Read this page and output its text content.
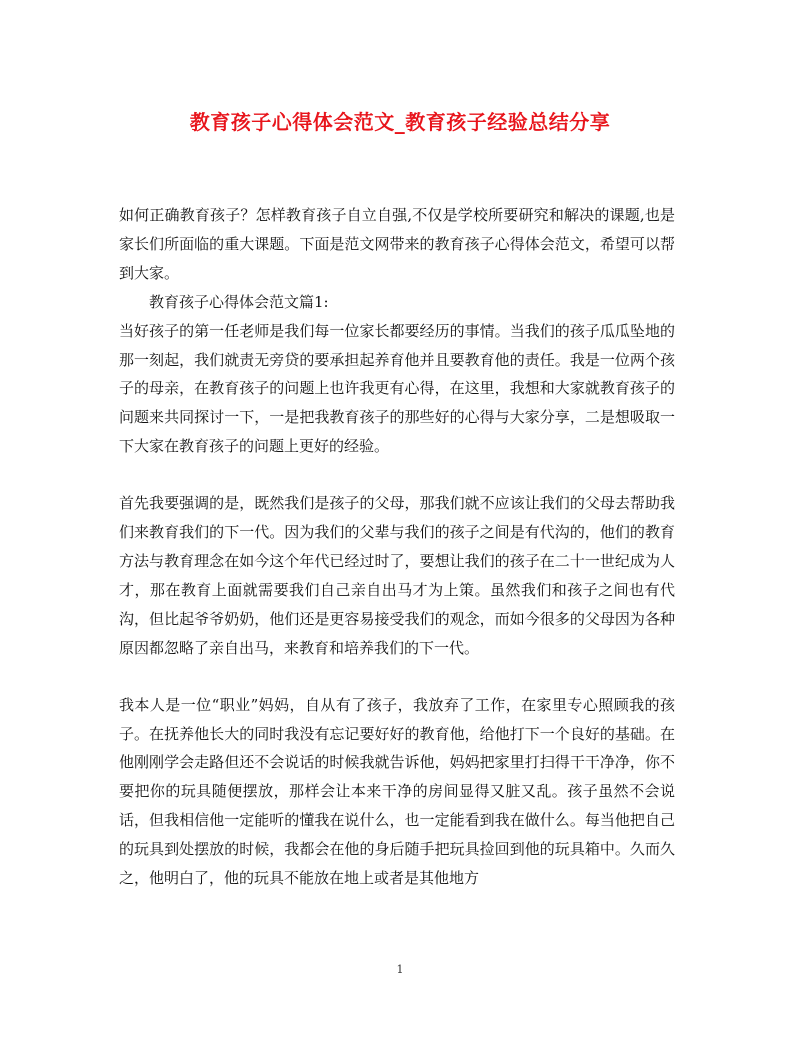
教育孩子心得体会范文_教育孩子经验总结分享

如何正确教育孩子？怎样教育孩子自立自强,不仅是学校所要研究和解决的课题,也是家长们所面临的重大课题。下面是范文网带来的教育孩子心得体会范文，希望可以帮到大家。

教育孩子心得体会范文篇1:

当好孩子的第一任老师是我们每一位家长都要经历的事情。当我们的孩子瓜瓜坠地的那一刻起，我们就责无旁贷的要承担起养育他并且要教育他的责任。我是一位两个孩子的母亲，在教育孩子的问题上也许我更有心得，在这里，我想和大家就教育孩子的问题来共同探讨一下，一是把我教育孩子的那些好的心得与大家分享，二是想吸取一下大家在教育孩子的问题上更好的经验。

首先我要强调的是，既然我们是孩子的父母，那我们就不应该让我们的父母去帮助我们来教育我们的下一代。因为我们的父辈与我们的孩子之间是有代沟的，他们的教育方法与教育理念在如今这个年代已经过时了，要想让我们的孩子在二十一世纪成为人才，那在教育上面就需要我们自己亲自出马才为上策。虽然我们和孩子之间也有代沟，但比起爷爷奶奶，他们还是更容易接受我们的观念，而如今很多的父母因为各种原因都忽略了亲自出马，来教育和培养我们的下一代。

我本人是一位“职业”妈妈，自从有了孩子，我放弃了工作，在家里专心照顾我的孩子。在抚养他长大的同时我没有忘记要好好的教育他，给他打下一个良好的基础。在他刚刚学会走路但还不会说话的时候我就告诉他，妈妈把家里打扫得干干净净，你不要把你的玩具随便摆放，那样会让本来干净的房间显得又脏又乱。孩子虽然不会说话，但我相信他一定能听的懂我在说什么，也一定能看到我在做什么。每当他把自己的玩具到处摆放的时候，我都会在他的身后随手把玩具捡回到他的玩具箱中。久而久之，他明白了，他的玩具不能放在地上或者是其他地方

1
